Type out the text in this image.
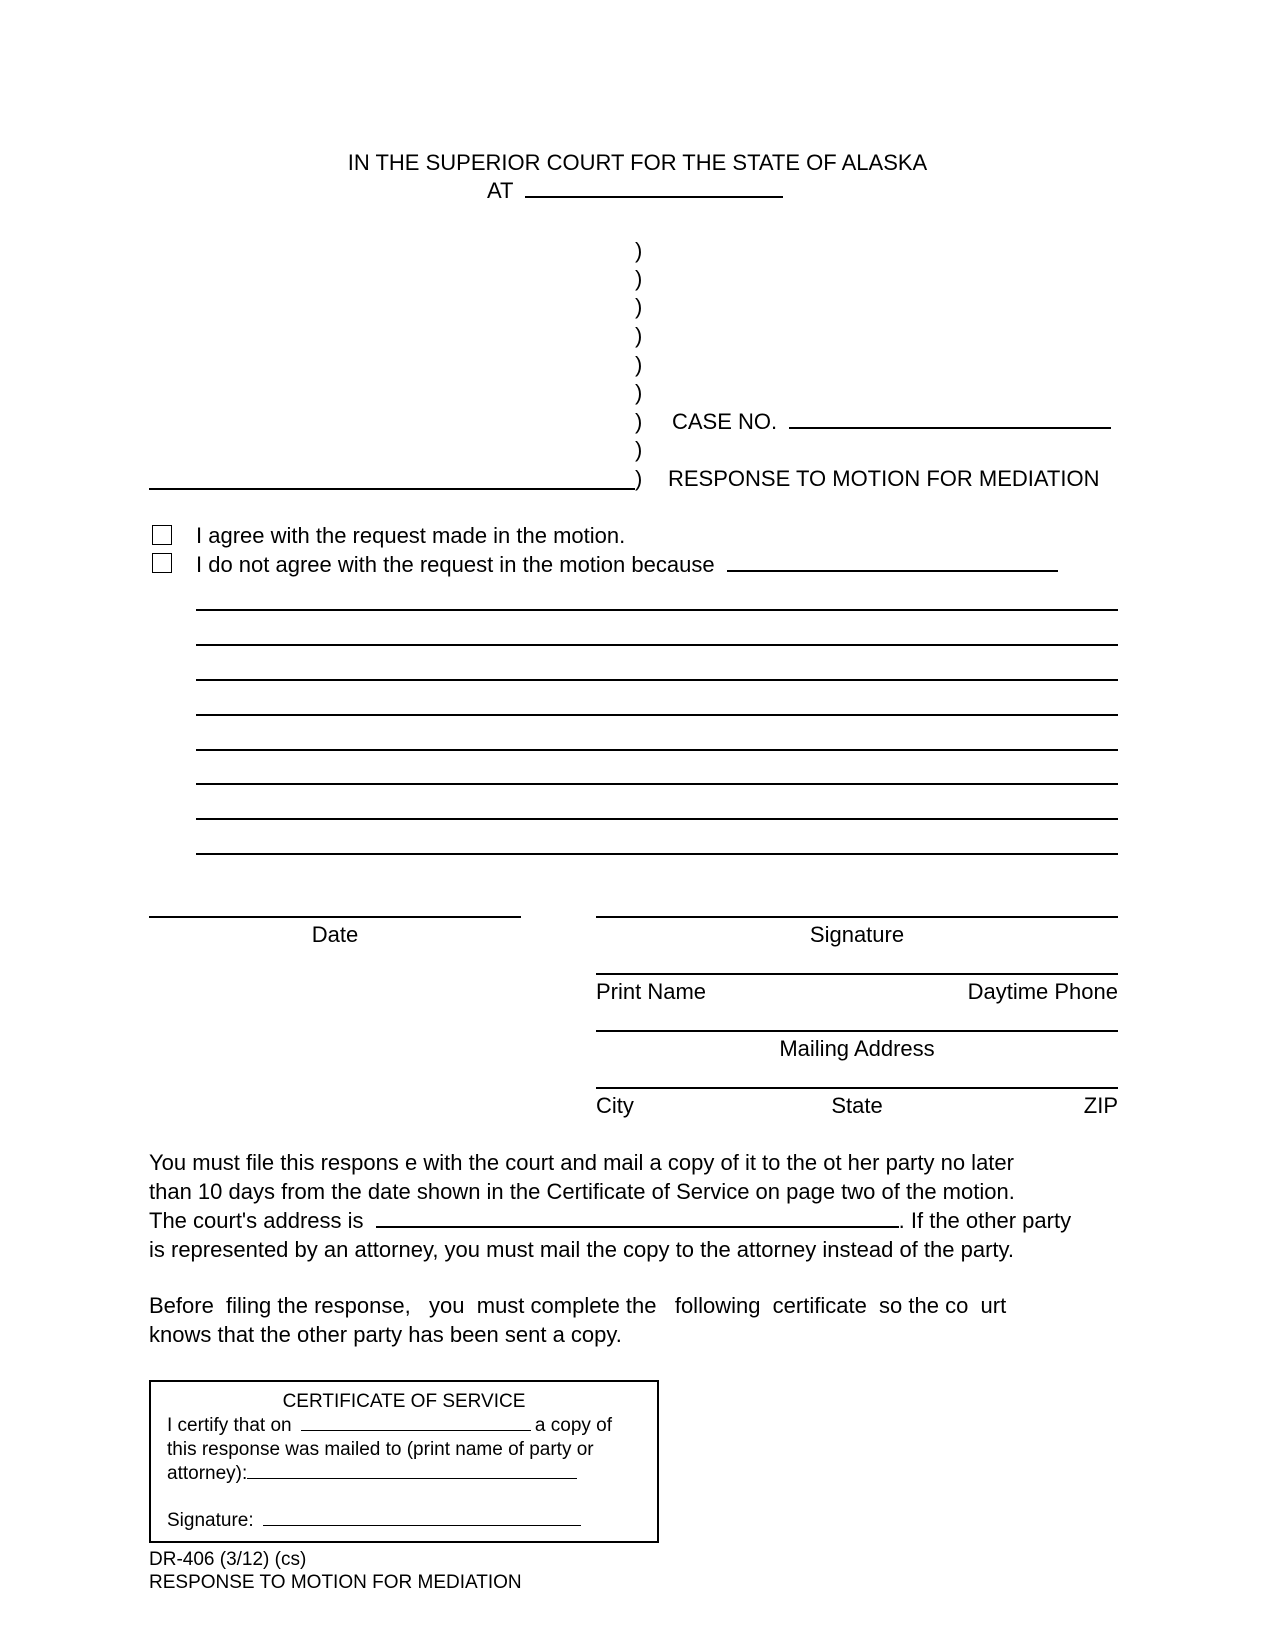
IN THE SUPERIOR COURT FOR THE STATE OF ALASKA
AT
)
)
)
)
)
)
)
)
)
CASE NO.
RESPONSE TO MOTION FOR MEDIATION
I agree with the request made in the motion.
I do not agree with the request in the motion because
Date	Signature
Print Name	Daytime Phone
Mailing Address
City	State	ZIP
You must file this respons e with the court and mail a copy of it to the ot her party no later
than 10 days from the date shown in the Certificate of Service on page two of the motion.
The court's address is	. If the other party
is represented by an attorney, you must mail the copy to the attorney instead of the party.
Before  filing the response,   you  must complete the   following  certificate  so the co  urt
knows that the other party has been sent a copy.
CERTIFICATE OF SERVICE
I certify that on	a copy of
this response was mailed to (print name of party or
attorney):
Signature:
DR-406 (3/12) (cs)
RESPONSE TO MOTION FOR MEDIATION
